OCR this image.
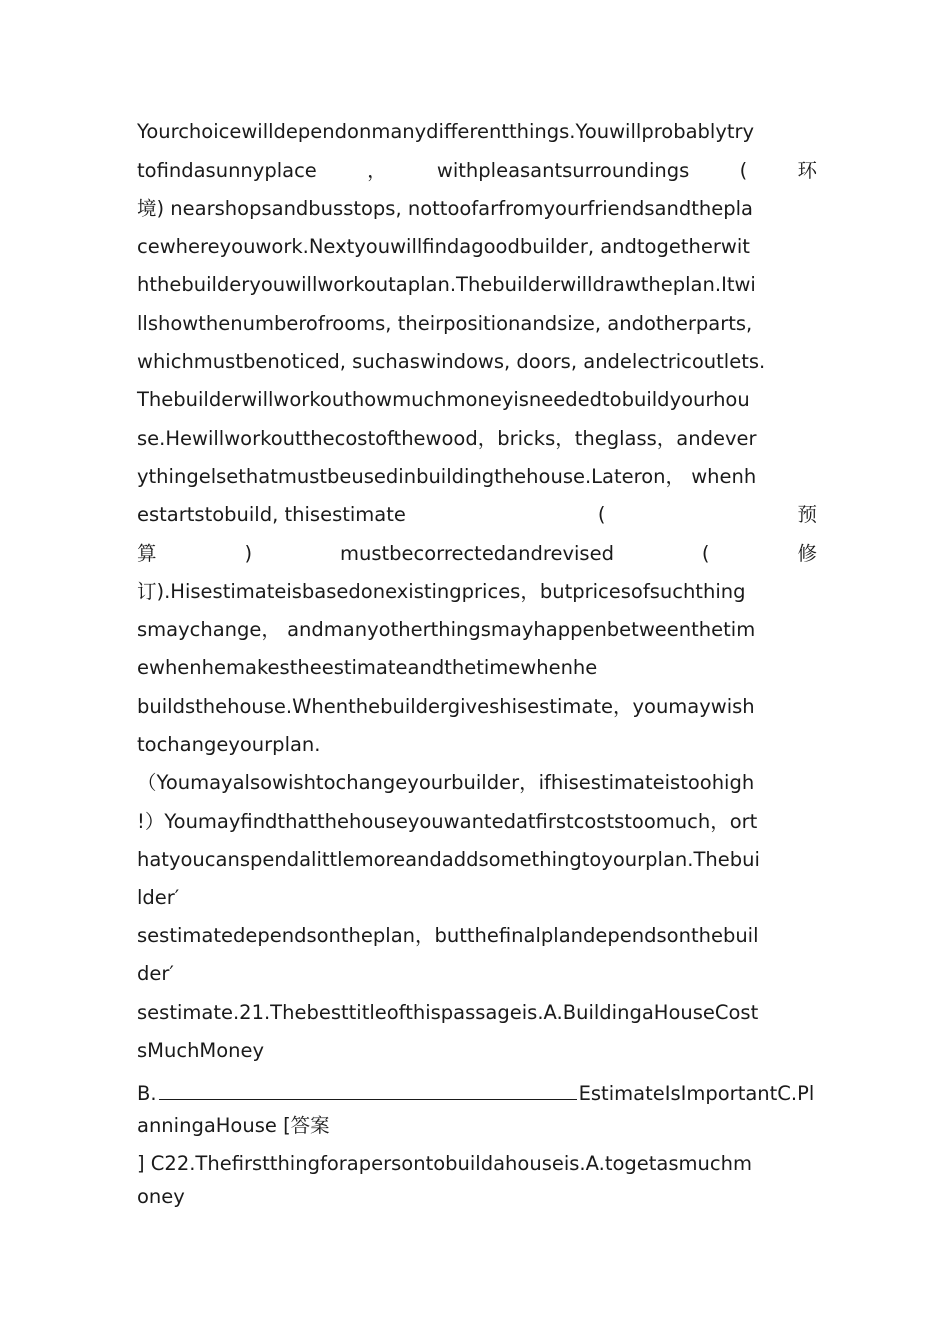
Yourchoicewilldependonmanydifferentthings.Youwillprobablytry
tofindasunnyplace	，	withpleasantsurroundings	(	环
境) nearshopsandbusstops, nottoofarfromyourfriendsandthepla
cewhereyouwork.Nextyouwillfindagoodbuilder, andtogetherwit
hthebuilderyouwillworkoutaplan.Thebuilderwilldrawtheplan.Itwi
llshowthenumberofrooms, theirpositionandsize, andotherparts,
whichmustbenoticed, suchaswindows, doors, andelectricoutlets.
Thebuilderwillworkouthowmuchmoneyisneededtobuildyourhou
se.Hewillworkoutthecostofthewood，bricks，theglass，andever
ythingelsethatmustbeusedinbuildingthehouse.Lateron， whenh
estartstobuild, thisestimate	(	预
算	)	mustbecorrectedandrevised	(	修
订).Hisestimateisbasedonexistingprices，butpricesofsuchthing
smaychange， andmanyotherthingsmayhappenbetweenthetim
ewhenhemakestheestimateandthetimewhenhe
buildsthehouse.Whenthebuildergiveshisestimate，youmaywish
tochangeyourplan.
（Youmayalsowishtochangeyourbuilder，ifhisestimateistoohigh
!）Youmayfindthatthehouseyouwantedatfirstcoststoomuch，ort
hatyoucanspendalittlemoreandaddsomethingtoyourplan.Thebui
lder′
sestimatedependsontheplan，butthefinalplandependsonthebuil
der′
sestimate.21.Thebesttitleofthispassageis.A.BuildingaHouseCost
sMuchMoney
B.	EstimateIsImportantC.Pl
anningaHouse [答案
] C22.Thefirstthingforapersontobuildahouseis.A.togetasmuchm
oney
